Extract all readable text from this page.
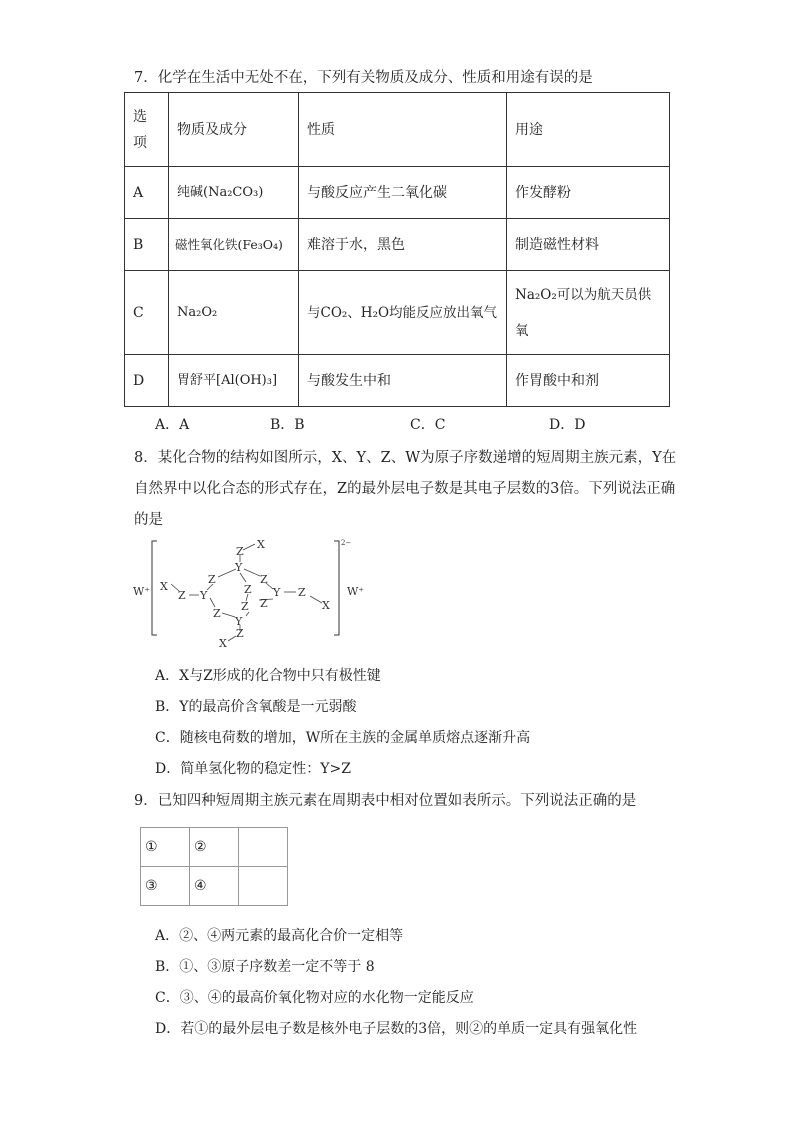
7．化学在生活中无处不在，下列有关物质及成分、性质和用途有误的是
选项	物质及成分	性质	用途
A	纯碱(Na₂CO₃)	与酸反应产生二氧化碳	作发酵粉
B	磁性氧化铁(Fe₃O₄)	难溶于水，黑色	制造磁性材料
C	Na₂O₂	与CO₂、H₂O均能反应放出氧气	Na₂O₂可以为航天员供氧
D	胃舒平[Al(OH)₃]	与酸发生中和	作胃酸中和剂
A．A	B．B	C．C	D．D
8．某化合物的结构如图所示，X、Y、Z、W为原子序数递增的短周期主族元素，Y在
自然界中以化合态的形式存在，Z的最外层电子数是其电子层数的3倍。下列说法正确
的是
W⁺	W⁺
2−
Z
X
Y
Z	Z
Z
X
Z Y	Y Z
X
Z
Z
Z
Y
Z
X
A．X与Z形成的化合物中只有极性键
B．Y的最高价含氧酸是一元弱酸
C．随核电荷数的增加，W所在主族的金属单质熔点逐渐升高
D．简单氢化物的稳定性：Y>Z
9．已知四种短周期主族元素在周期表中相对位置如表所示。下列说法正确的是
①	②	
③	④	
A．②、④两元素的最高化合价一定相等
B．①、③原子序数差一定不等于 8
C．③、④的最高价氧化物对应的水化物一定能反应
D．若①的最外层电子数是核外电子层数的3倍，则②的单质一定具有强氧化性
